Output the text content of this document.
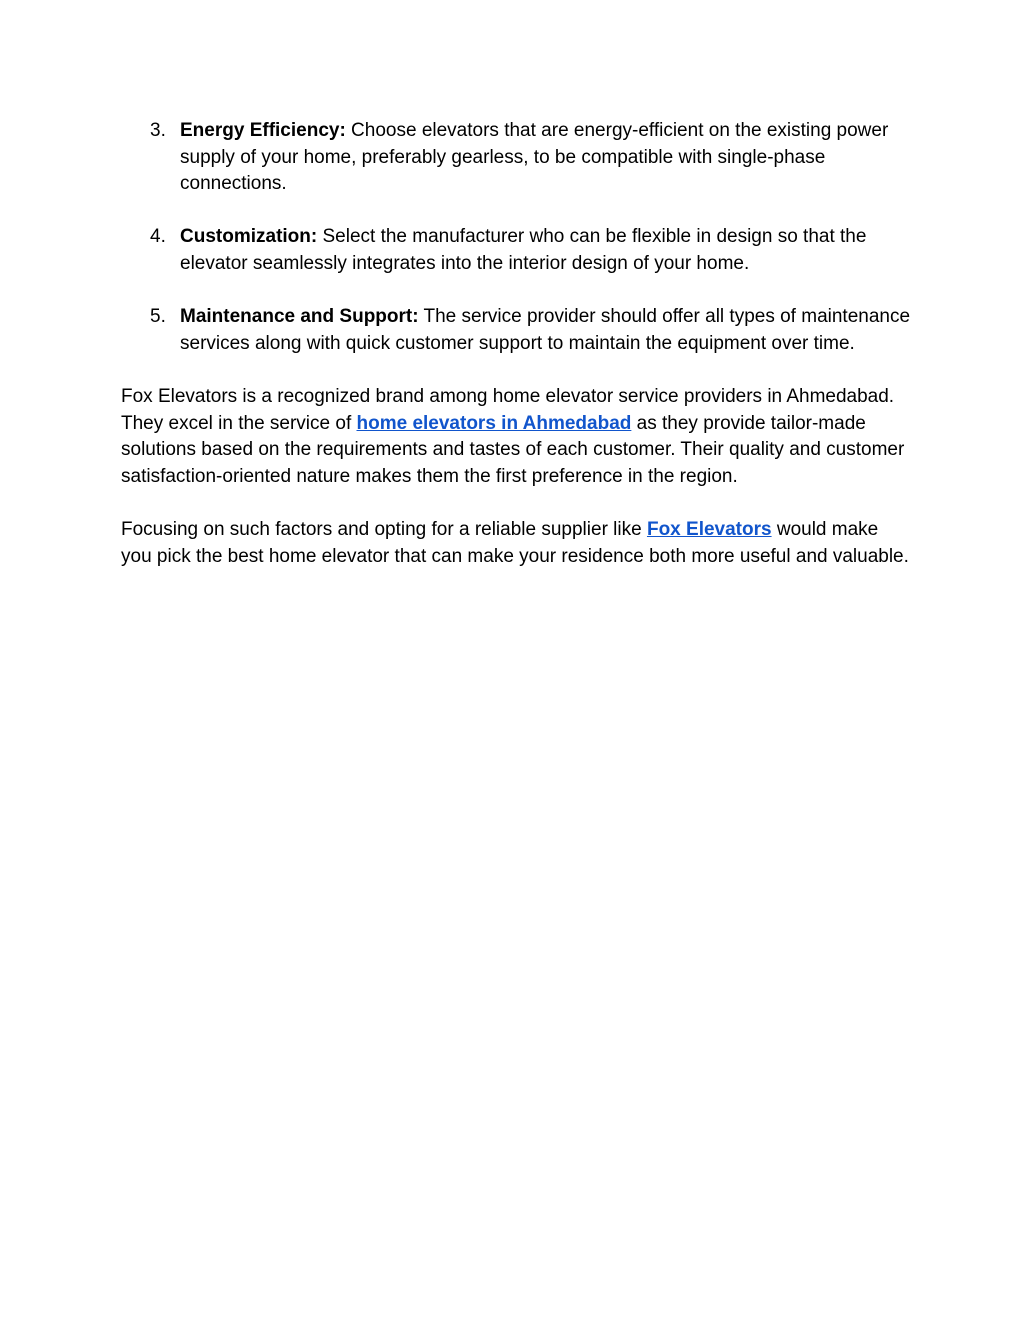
3. Energy Efficiency: Choose elevators that are energy-efficient on the existing power supply of your home, preferably gearless, to be compatible with single-phase connections.
4. Customization: Select the manufacturer who can be flexible in design so that the elevator seamlessly integrates into the interior design of your home.
5. Maintenance and Support: The service provider should offer all types of maintenance services along with quick customer support to maintain the equipment over time.

Fox Elevators is a recognized brand among home elevator service providers in Ahmedabad. They excel in the service of home elevators in Ahmedabad as they provide tailor-made solutions based on the requirements and tastes of each customer. Their quality and customer satisfaction-oriented nature makes them the first preference in the region.

Focusing on such factors and opting for a reliable supplier like Fox Elevators would make you pick the best home elevator that can make your residence both more useful and valuable.
